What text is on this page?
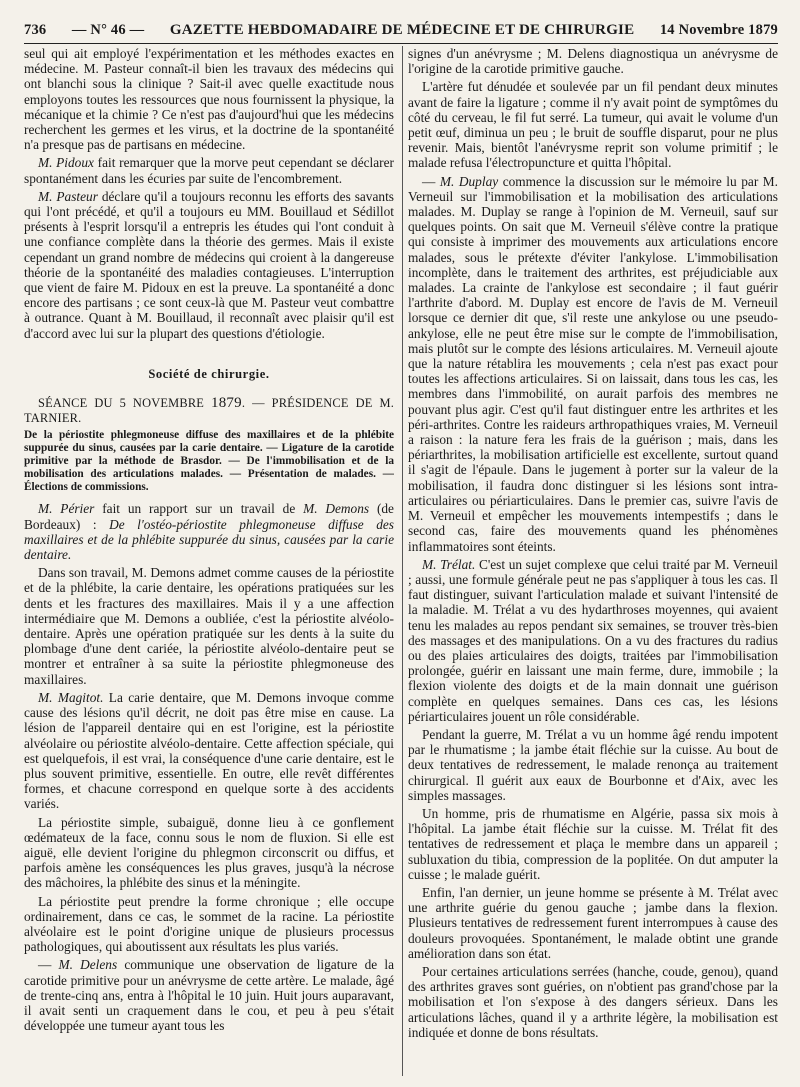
736 — N° 46 — GAZETTE HEBDOMADAIRE DE MÉDECINE ET DE CHIRURGIE 14 Novembre 1879

seul qui ait employé l'expérimentation et les méthodes exactes en médecine. M. Pasteur connaît-il bien les travaux des médecins qui ont blanchi sous la clinique ? Sait-il avec quelle exactitude nous employons toutes les ressources que nous fournissent la physique, la mécanique et la chimie ? Ce n'est pas d'aujourd'hui que les médecins recherchent les germes et les virus, et la doctrine de la spontanéité n'a presque pas de partisans en médecine.

M. Pidoux fait remarquer que la morve peut cependant se déclarer spontanément dans les écuries par suite de l'encombrement.

M. Pasteur déclare qu'il a toujours reconnu les efforts des savants qui l'ont précédé, et qu'il a toujours eu MM. Bouillaud et Sédillot présents à l'esprit lorsqu'il a entrepris les études qui l'ont conduit à une confiance complète dans la théorie des germes. Mais il existe cependant un grand nombre de médecins qui croient à la dangereuse théorie de la spontanéité des maladies contagieuses. L'interruption que vient de faire M. Pidoux en est la preuve. La spontanéité a donc encore des partisans ; ce sont ceux-là que M. Pasteur veut combattre à outrance. Quant à M. Bouillaud, il reconnaît avec plaisir qu'il est d'accord avec lui sur la plupart des questions d'étiologie.

Société de chirurgie.

SÉANCE DU 5 NOVEMBRE 1879. — PRÉSIDENCE DE M. TARNIER.

De la périostite phlegmoneuse diffuse des maxillaires et de la phlébite suppurée du sinus, causées par la carie dentaire. — Ligature de la carotide primitive par la méthode de Brasdor. — De l'immobilisation et de la mobilisation des articulations malades. — Présentation de malades. — Élections de commissions.

M. Périer fait un rapport sur un travail de M. Demons (de Bordeaux) : De l'ostéo-périostite phlegmoneuse diffuse des maxillaires et de la phlébite suppurée du sinus, causées par la carie dentaire.

Dans son travail, M. Demons admet comme causes de la périostite et de la phlébite, la carie dentaire, les opérations pratiquées sur les dents et les fractures des maxillaires. Mais il y a une affection intermédiaire que M. Demons a oubliée, c'est la périostite alvéolo-dentaire. Après une opération pratiquée sur les dents à la suite du plombage d'une dent cariée, la périostite alvéolo-dentaire peut se montrer et entraîner à sa suite la périostite phlegmoneuse des maxillaires.

M. Magitot. La carie dentaire, que M. Demons invoque comme cause des lésions qu'il décrit, ne doit pas être mise en cause. La lésion de l'appareil dentaire qui en est l'origine, est la périostite alvéolaire ou périostite alvéolo-dentaire. Cette affection spéciale, qui est quelquefois, il est vrai, la conséquence d'une carie dentaire, est le plus souvent primitive, essentielle. En outre, elle revêt différentes formes, et chacune correspond en quelque sorte à des accidents variés.

La périostite simple, subaiguë, donne lieu à ce gonflement œdémateux de la face, connu sous le nom de fluxion. Si elle est aiguë, elle devient l'origine du phlegmon circonscrit ou diffus, et parfois amène les conséquences les plus graves, jusqu'à la nécrose des mâchoires, la phlébite des sinus et la méningite.

La périostite peut prendre la forme chronique ; elle occupe ordinairement, dans ce cas, le sommet de la racine. La périostite alvéolaire est le point d'origine unique de plusieurs processus pathologiques, qui aboutissent aux résultats les plus variés.

— M. Delens communique une observation de ligature de la carotide primitive pour un anévrysme de cette artère. Le malade, âgé de trente-cinq ans, entra à l'hôpital le 10 juin. Huit jours auparavant, il avait senti un craquement dans le cou, et peu à peu s'était développée une tumeur ayant tous les

signes d'un anévrysme ; M. Delens diagnostiqua un anévrysme de l'origine de la carotide primitive gauche.

L'artère fut dénudée et soulevée par un fil pendant deux minutes avant de faire la ligature ; comme il n'y avait point de symptômes du côté du cerveau, le fil fut serré. La tumeur, qui avait le volume d'un petit œuf, diminua un peu ; le bruit de souffle disparut, pour ne plus revenir. Mais, bientôt l'anévrysme reprit son volume primitif ; le malade refusa l'électropuncture et quitta l'hôpital.

— M. Duplay commence la discussion sur le mémoire lu par M. Verneuil sur l'immobilisation et la mobilisation des articulations malades. M. Duplay se range à l'opinion de M. Verneuil, sauf sur quelques points. On sait que M. Verneuil s'élève contre la pratique qui consiste à imprimer des mouvements aux articulations encore malades, sous le prétexte d'éviter l'ankylose. L'immobilisation incomplète, dans le traitement des arthrites, est préjudiciable aux malades. La crainte de l'ankylose est secondaire ; il faut guérir l'arthrite d'abord. M. Duplay est encore de l'avis de M. Verneuil lorsque ce dernier dit que, s'il reste une ankylose ou une pseudo-ankylose, elle ne peut être mise sur le compte de l'immobilisation, mais plutôt sur le compte des lésions articulaires. M. Verneuil ajoute que la nature rétablira les mouvements ; cela n'est pas exact pour toutes les affections articulaires. Si on laissait, dans tous les cas, les membres dans l'immobilité, on aurait parfois des membres ne pouvant plus agir. C'est qu'il faut distinguer entre les arthrites et les péri-arthrites. Contre les raideurs arthropathiques vraies, M. Verneuil a raison : la nature fera les frais de la guérison ; mais, dans les périarthrites, la mobilisation artificielle est excellente, surtout quand il s'agit de l'épaule. Dans le jugement à porter sur la valeur de la mobilisation, il faudra donc distinguer si les lésions sont intra-articulaires ou périarticulaires. Dans le premier cas, suivre l'avis de M. Verneuil et empêcher les mouvements intempestifs ; dans le second cas, faire des mouvements quand les phénomènes inflammatoires sont éteints.

M. Trélat. C'est un sujet complexe que celui traité par M. Verneuil ; aussi, une formule générale peut ne pas s'appliquer à tous les cas. Il faut distinguer, suivant l'articulation malade et suivant l'intensité de la maladie. M. Trélat a vu des hydarthroses moyennes, qui avaient tenu les malades au repos pendant six semaines, se trouver très-bien des massages et des manipulations. On a vu des fractures du radius ou des plaies articulaires des doigts, traitées par l'immobilisation prolongée, guérir en laissant une main ferme, dure, immobile ; la flexion violente des doigts et de la main donnait une guérison complète en quelques semaines. Dans ces cas, les lésions périarticulaires jouent un rôle considérable.

Pendant la guerre, M. Trélat a vu un homme âgé rendu impotent par le rhumatisme ; la jambe était fléchie sur la cuisse. Au bout de deux tentatives de redressement, le malade renonça au traitement chirurgical. Il guérit aux eaux de Bourbonne et d'Aix, avec les simples massages.

Un homme, pris de rhumatisme en Algérie, passa six mois à l'hôpital. La jambe était fléchie sur la cuisse. M. Trélat fit des tentatives de redressement et plaça le membre dans un appareil ; subluxation du tibia, compression de la poplitée. On dut amputer la cuisse ; le malade guérit.

Enfin, l'an dernier, un jeune homme se présente à M. Trélat avec une arthrite guérie du genou gauche ; jambe dans la flexion. Plusieurs tentatives de redressement furent interrompues à cause des douleurs provoquées. Spontanément, le malade obtint une grande amélioration dans son état.

Pour certaines articulations serrées (hanche, coude, genou), quand des arthrites graves sont guéries, on n'obtient pas grand'chose par la mobilisation et l'on s'expose à des dangers sérieux. Dans les articulations lâches, quand il y a arthrite légère, la mobilisation est indiquée et donne de bons résultats.
